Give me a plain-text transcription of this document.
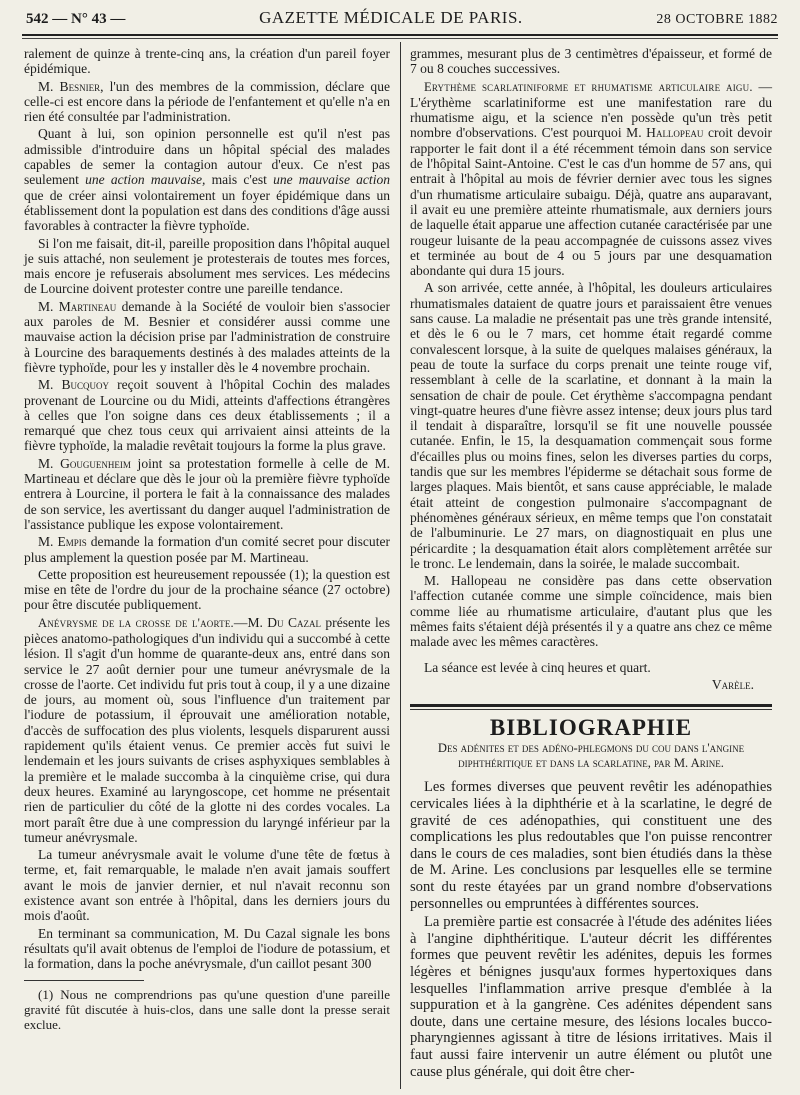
542 — N° 43 —	GAZETTE MÉDICALE DE PARIS.	28 OCTOBRE 1882

ralement de quinze à trente-cinq ans, la création d'un pareil foyer épidémique.

M. Besnier, l'un des membres de la commission, déclare que celle-ci est encore dans la période de l'enfantement et qu'elle n'a en rien été consultée par l'administration.

Quant à lui, son opinion personnelle est qu'il n'est pas admissible d'introduire dans un hôpital spécial des malades capables de semer la contagion autour d'eux. Ce n'est pas seulement une action mauvaise, mais c'est une mauvaise action que de créer ainsi volontairement un foyer épidémique dans un établissement dont la population est dans des conditions d'âge aussi favorables à contracter la fièvre typhoïde.

Si l'on me faisait, dit-il, pareille proposition dans l'hôpital auquel je suis attaché, non seulement je protesterais de toutes mes forces, mais encore je refuserais absolument mes services. Les médecins de Lourcine doivent protester contre une pareille tendance.

M. Martineau demande à la Société de vouloir bien s'associer aux paroles de M. Besnier et considérer aussi comme une mauvaise action la décision prise par l'administration de construire à Lourcine des baraquements destinés à des malades atteints de la fièvre typhoïde, pour les y installer dès le 4 novembre prochain.

M. Bucquoy reçoit souvent à l'hôpital Cochin des malades provenant de Lourcine ou du Midi, atteints d'affections étrangères à celles que l'on soigne dans ces deux établissements ; il a remarqué que chez tous ceux qui arrivaient ainsi atteints de la fièvre typhoïde, la maladie revêtait toujours la forme la plus grave.

M. Gouguenheim joint sa protestation formelle à celle de M. Martineau et déclare que dès le jour où la première fièvre typhoïde entrera à Lourcine, il portera le fait à la connaissance des malades de son service, les avertissant du danger auquel l'administration de l'assistance publique les expose volontairement.

M. Empis demande la formation d'un comité secret pour discuter plus amplement la question posée par M. Martineau.

Cette proposition est heureusement repoussée (1); la question est mise en tête de l'ordre du jour de la prochaine séance (27 octobre) pour être discutée publiquement.

Anévrysme de la crosse de l'aorte.—M. Du Cazal présente les pièces anatomo-pathologiques d'un individu qui a succombé à cette lésion. Il s'agit d'un homme de quarante-deux ans, entré dans son service le 27 août dernier pour une tumeur anévrysmale de la crosse de l'aorte. Cet individu fut pris tout à coup, il y a une dizaine de jours, au moment où, sous l'influence d'un traitement par l'iodure de potassium, il éprouvait une amélioration notable, d'accès de suffocation des plus violents, lesquels disparurent aussi rapidement qu'ils étaient venus. Ce premier accès fut suivi le lendemain et les jours suivants de crises asphyxiques semblables à la première et le malade succomba à la cinquième crise, qui dura deux heures. Examiné au laryngoscope, cet homme ne présentait rien de particulier du côté de la glotte ni des cordes vocales. La mort paraît être due à une compression du laryngé inférieur par la tumeur anévrysmale.

La tumeur anévrysmale avait le volume d'une tête de fœtus à terme, et, fait remarquable, le malade n'en avait jamais souffert avant le mois de janvier dernier, et nul n'avait reconnu son existence avant son entrée à l'hôpital, dans les derniers jours du mois d'août.

En terminant sa communication, M. Du Cazal signale les bons résultats qu'il avait obtenus de l'emploi de l'iodure de potassium, et la formation, dans la poche anévrysmale, d'un caillot pesant 300

(1) Nous ne comprendrions pas qu'une question d'une pareille gravité fût discutée à huis-clos, dans une salle dont la presse serait exclue.

grammes, mesurant plus de 3 centimètres d'épaisseur, et formé de 7 ou 8 couches successives.

Erythème scarlatiniforme et rhumatisme articulaire aigu. — L'érythème scarlatiniforme est une manifestation rare du rhumatisme aigu, et la science n'en possède qu'un très petit nombre d'observations. C'est pourquoi M. Hallopeau croit devoir rapporter le fait dont il a été récemment témoin dans son service de l'hôpital Saint-Antoine. C'est le cas d'un homme de 57 ans, qui entrait à l'hôpital au mois de février dernier avec tous les signes d'un rhumatisme articulaire subaigu. Déjà, quatre ans auparavant, il avait eu une première atteinte rhumatismale, aux derniers jours de laquelle était apparue une affection cutanée caractérisée par une rougeur luisante de la peau accompagnée de cuissons assez vives et terminée au bout de 4 ou 5 jours par une desquamation abondante qui dura 15 jours.

A son arrivée, cette année, à l'hôpital, les douleurs articulaires rhumatismales dataient de quatre jours et paraissaient être venues sans cause. La maladie ne présentait pas une très grande intensité, et dès le 6 ou le 7 mars, cet homme était regardé comme convalescent lorsque, à la suite de quelques malaises généraux, la peau de toute la surface du corps prenait une teinte rouge vif, ressemblant à celle de la scarlatine, et donnant à la main la sensation de chair de poule. Cet érythème s'accompagna pendant vingt-quatre heures d'une fièvre assez intense; deux jours plus tard il tendait à disparaître, lorsqu'il se fit une nouvelle poussée cutanée. Enfin, le 15, la desquamation commençait sous forme d'écailles plus ou moins fines, selon les diverses parties du corps, tandis que sur les membres l'épiderme se détachait sous forme de larges plaques. Mais bientôt, et sans cause appréciable, le malade était atteint de congestion pulmonaire s'accompagnant de phénomènes généraux sérieux, en même temps que l'on constatait de l'albuminurie. Le 27 mars, on diagnostiquait en plus une péricardite ; la desquamation était alors complètement arrêtée sur le tronc. Le lendemain, dans la soirée, le malade succombait.

M. Hallopeau ne considère pas dans cette observation l'affection cutanée comme une simple coïncidence, mais bien comme liée au rhumatisme articulaire, d'autant plus que les mêmes faits s'étaient déjà présentés il y a quatre ans chez ce même malade avec les mêmes caractères.

La séance est levée à cinq heures et quart.

Varèle.

BIBLIOGRAPHIE
Des adénites et des adéno-phlegmons du cou dans l'angine diphthéritique et dans la scarlatine, par M. Arine.

Les formes diverses que peuvent revêtir les adénopathies cervicales liées à la diphthérie et à la scarlatine, le degré de gravité de ces adénopathies, qui constituent une des complications les plus redoutables que l'on puisse rencontrer dans le cours de ces maladies, sont bien étudiés dans la thèse de M. Arine. Les conclusions par lesquelles elle se termine sont du reste étayées par un grand nombre d'observations personnelles ou empruntées à différentes sources.

La première partie est consacrée à l'étude des adénites liées à l'angine diphthéritique. L'auteur décrit les différentes formes que peuvent revêtir les adénites, depuis les formes légères et bénignes jusqu'aux formes hypertoxiques dans lesquelles l'inflammation arrive presque d'emblée à la suppuration et à la gangrène. Ces adénites dépendent sans doute, dans une certaine mesure, des lésions locales bucco-pharyngiennes agissant à titre de lésions irritatives. Mais il faut aussi faire intervenir un autre élément ou plutôt une cause plus générale, qui doit être cher-
